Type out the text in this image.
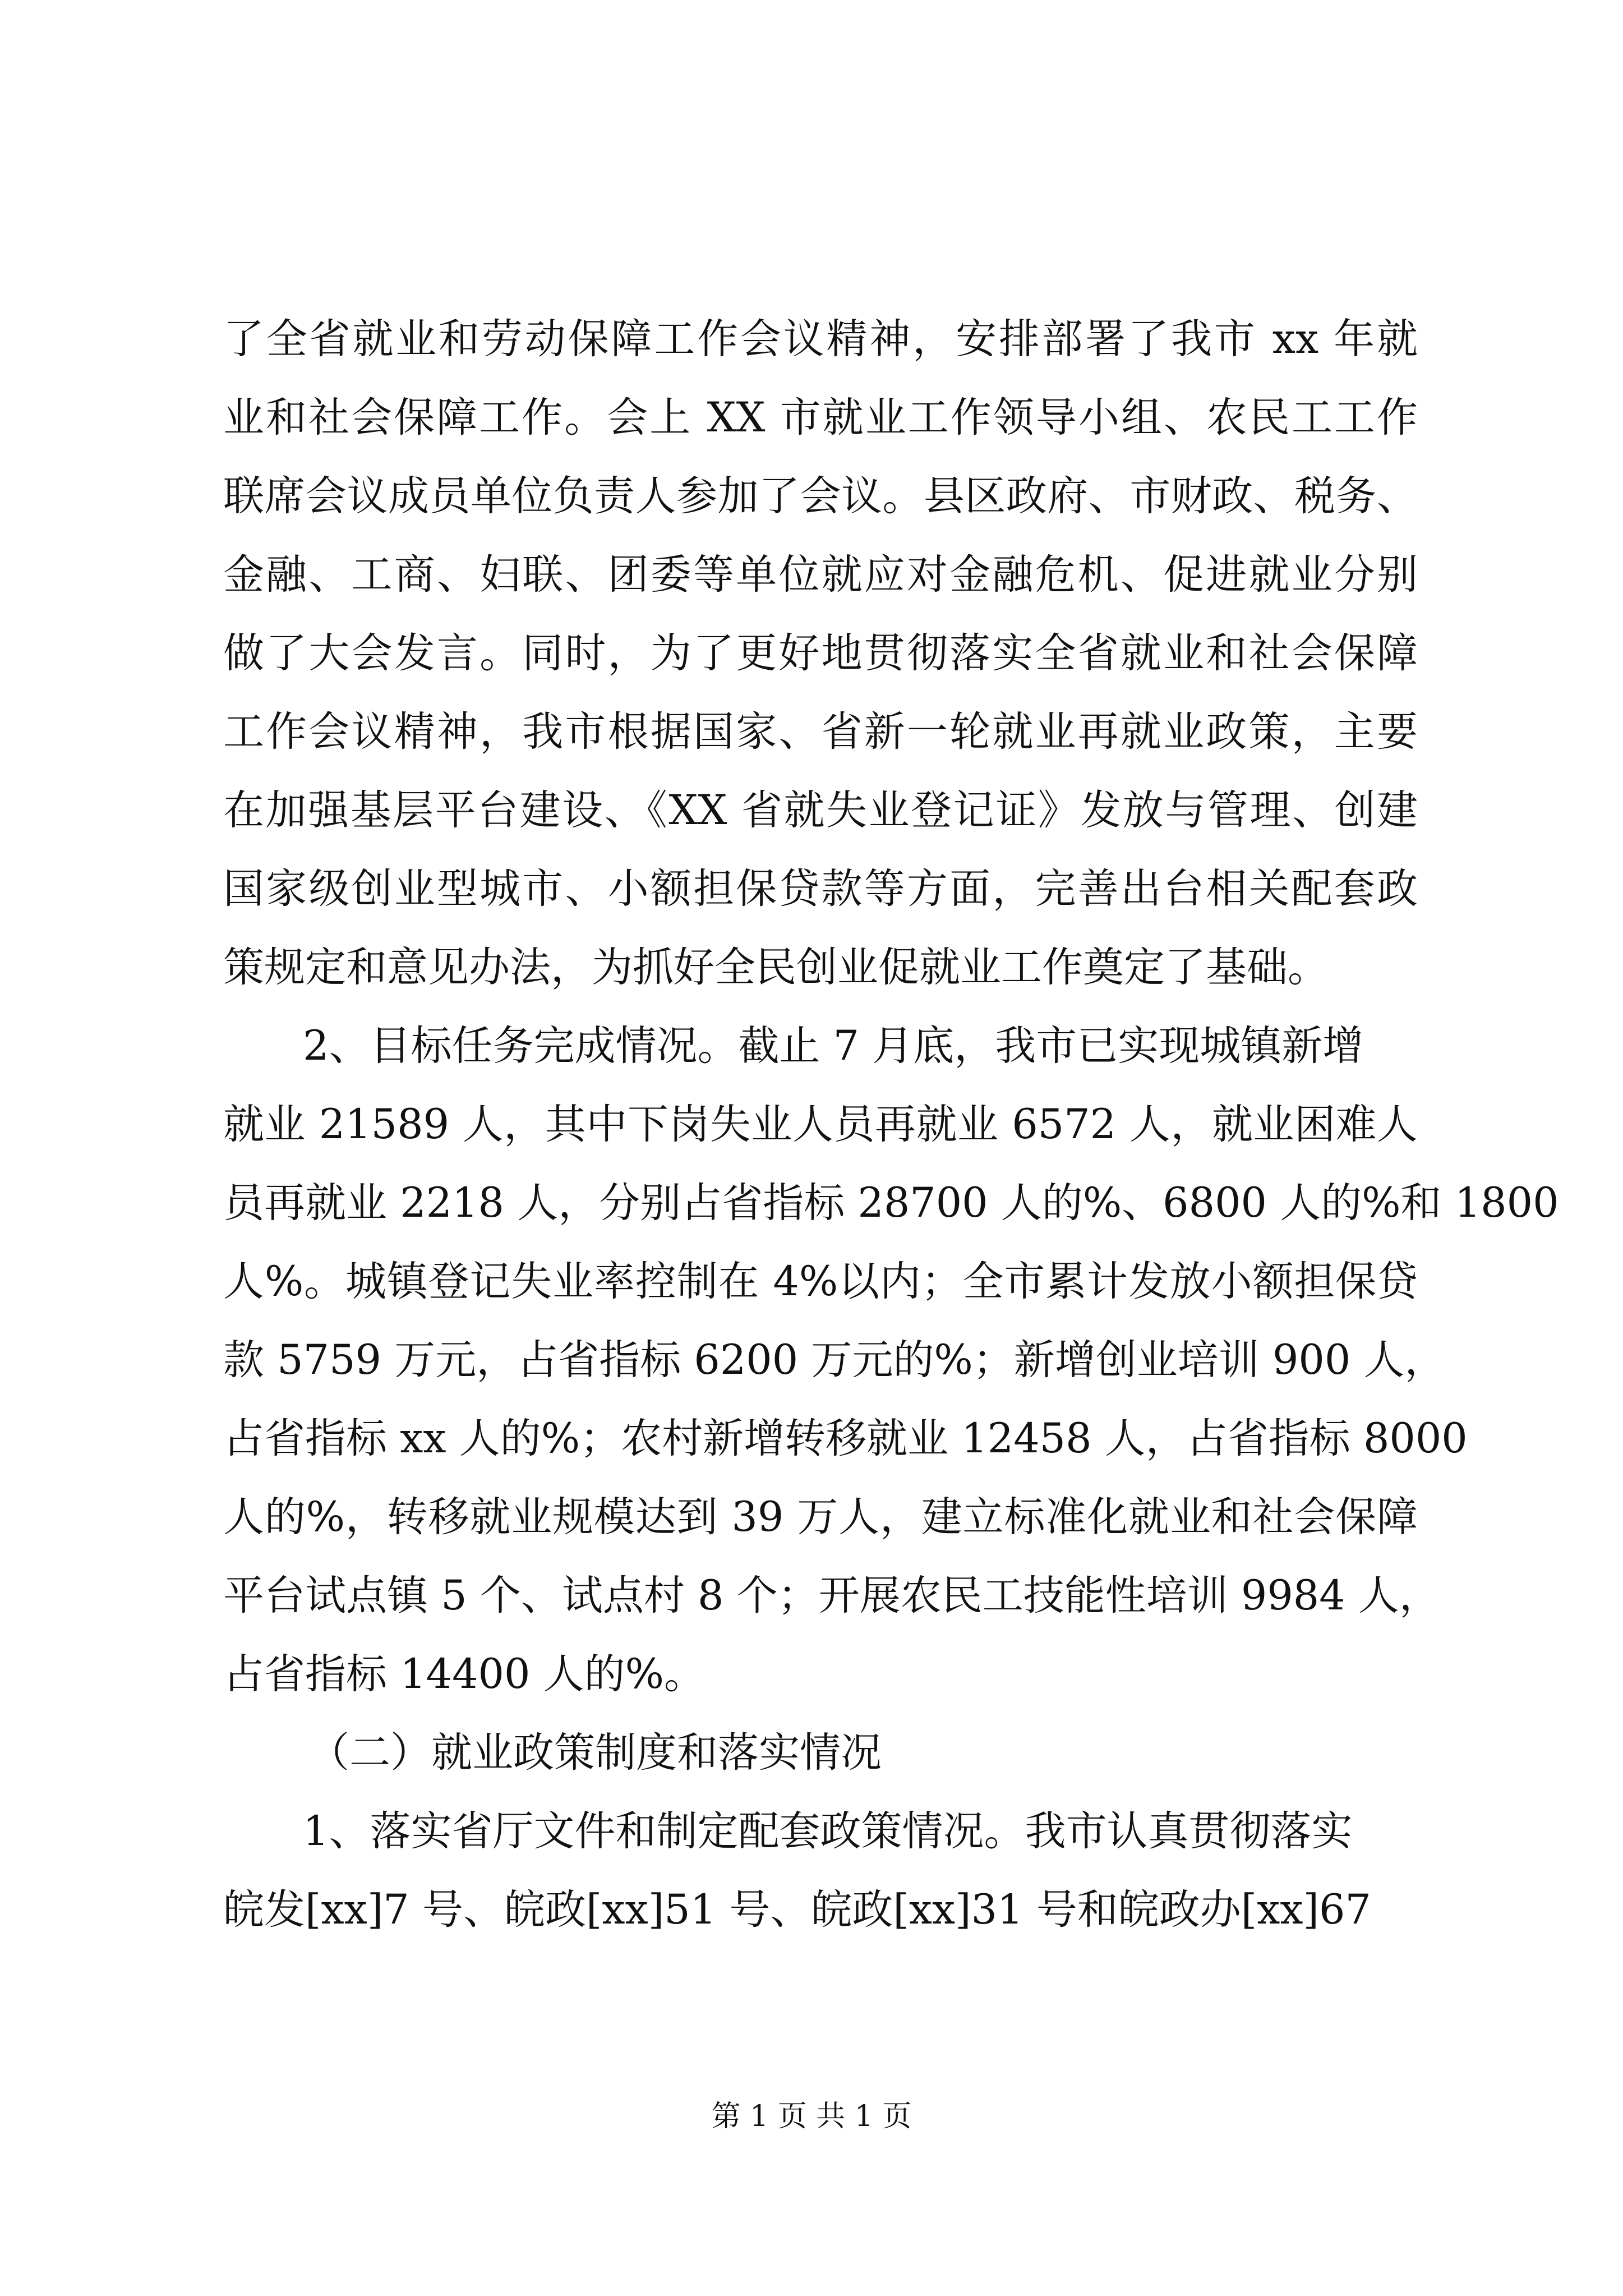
了全省就业和劳动保障工作会议精神，安排部署了我市 xx 年就
业和社会保障工作。会上 XX 市就业工作领导小组、农民工工作
联席会议成员单位负责人参加了会议。县区政府、市财政、税务、
金融、工商、妇联、团委等单位就应对金融危机、促进就业分别
做了大会发言。同时，为了更好地贯彻落实全省就业和社会保障
工作会议精神，我市根据国家、省新一轮就业再就业政策，主要
在加强基层平台建设、《XX 省就失业登记证》发放与管理、创建
国家级创业型城市、小额担保贷款等方面，完善出台相关配套政
策规定和意见办法，为抓好全民创业促就业工作奠定了基础。
2、目标任务完成情况。截止 7 月底，我市已实现城镇新增
就业 21589 人，其中下岗失业人员再就业 6572 人，就业困难人
员再就业 2218 人，分别占省指标 28700 人的%、6800 人的%和 1800
人%。城镇登记失业率控制在 4%以内；全市累计发放小额担保贷
款 5759 万元，占省指标 6200 万元的%；新增创业培训 900 人，
占省指标 xx 人的%；农村新增转移就业 12458 人，占省指标 8000
人的%，转移就业规模达到 39 万人，建立标准化就业和社会保障
平台试点镇 5 个、试点村 8 个；开展农民工技能性培训 9984 人，
占省指标 14400 人的%。
（二）就业政策制度和落实情况
1、落实省厅文件和制定配套政策情况。我市认真贯彻落实
皖发[xx]7 号、皖政[xx]51 号、皖政[xx]31 号和皖政办[xx]67
第 1 页 共 1 页
